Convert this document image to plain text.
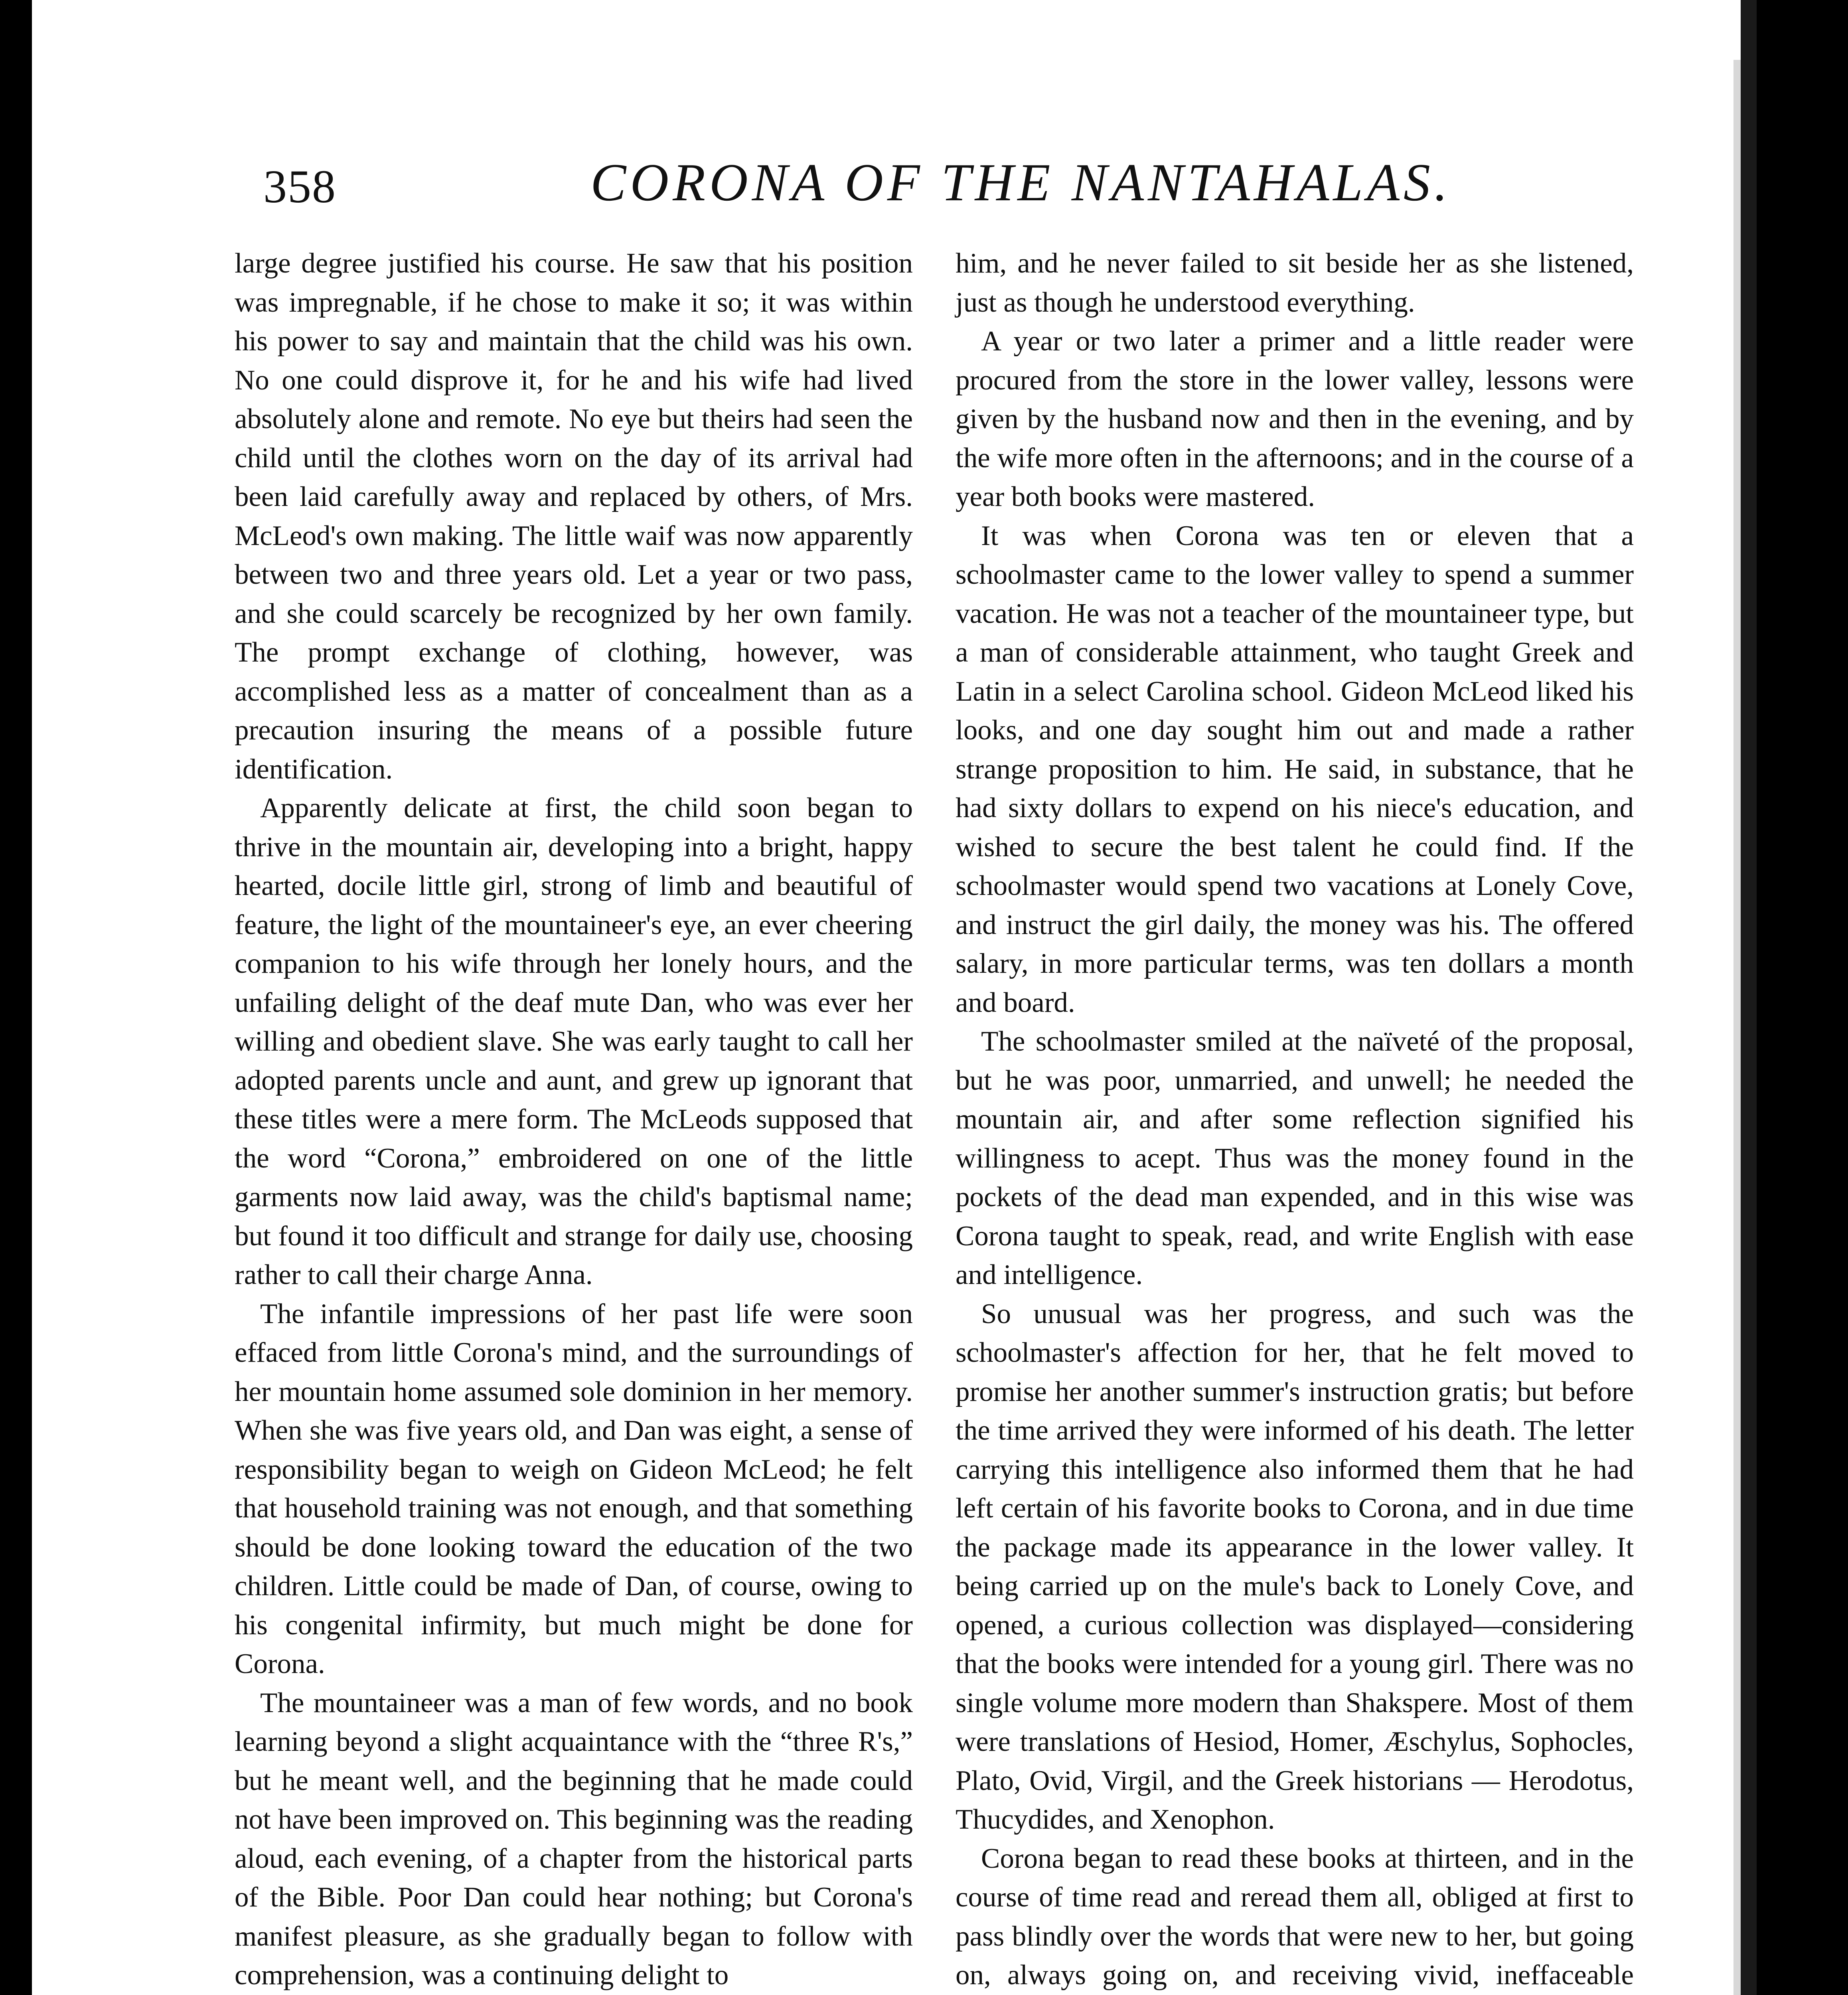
358	CORONA OF THE NANTAHALAS.

large degree justified his course. He saw that his position was impregnable, if he chose to make it so; it was within his power to say and maintain that the child was his own. No one could disprove it, for he and his wife had lived absolutely alone and remote. No eye but theirs had seen the child until the clothes worn on the day of its arrival had been laid carefully away and replaced by others, of Mrs. McLeod's own making. The little waif was now apparently between two and three years old. Let a year or two pass, and she could scarcely be recognized by her own family. The prompt exchange of clothing, however, was accomplished less as a matter of concealment than as a precaution insuring the means of a possible future identification.

Apparently delicate at first, the child soon began to thrive in the mountain air, developing into a bright, happy hearted, docile little girl, strong of limb and beautiful of feature, the light of the mountaineer's eye, an ever cheering companion to his wife through her lonely hours, and the unfailing delight of the deaf mute Dan, who was ever her willing and obedient slave. She was early taught to call her adopted parents uncle and aunt, and grew up ignorant that these titles were a mere form. The McLeods supposed that the word “Corona,” embroidered on one of the little garments now laid away, was the child's baptismal name; but found it too difficult and strange for daily use, choosing rather to call their charge Anna.

The infantile impressions of her past life were soon effaced from little Corona's mind, and the surroundings of her mountain home assumed sole dominion in her memory. When she was five years old, and Dan was eight, a sense of responsibility began to weigh on Gideon McLeod; he felt that household training was not enough, and that something should be done looking toward the education of the two children. Little could be made of Dan, of course, owing to his congenital infirmity, but much might be done for Corona.

The mountaineer was a man of few words, and no book learning beyond a slight acquaintance with the “three R's,” but he meant well, and the beginning that he made could not have been improved on. This beginning was the reading aloud, each evening, of a chapter from the historical parts of the Bible. Poor Dan could hear nothing; but Corona's manifest pleasure, as she gradually began to follow with comprehension, was a continuing delight to

him, and he never failed to sit beside her as she listened, just as though he understood everything.

A year or two later a primer and a little reader were procured from the store in the lower valley, lessons were given by the husband now and then in the evening, and by the wife more often in the afternoons; and in the course of a year both books were mastered.

It was when Corona was ten or eleven that a schoolmaster came to the lower valley to spend a summer vacation. He was not a teacher of the mountaineer type, but a man of considerable attainment, who taught Greek and Latin in a select Carolina school. Gideon McLeod liked his looks, and one day sought him out and made a rather strange proposition to him. He said, in substance, that he had sixty dollars to expend on his niece's education, and wished to secure the best talent he could find. If the schoolmaster would spend two vacations at Lonely Cove, and instruct the girl daily, the money was his. The offered salary, in more particular terms, was ten dollars a month and board.

The schoolmaster smiled at the naïveté of the proposal, but he was poor, unmarried, and unwell; he needed the mountain air, and after some reflection signified his willingness to acept. Thus was the money found in the pockets of the dead man expended, and in this wise was Corona taught to speak, read, and write English with ease and intelligence.

So unusual was her progress, and such was the schoolmaster's affection for her, that he felt moved to promise her another summer's instruction gratis; but before the time arrived they were informed of his death. The letter carrying this intelligence also informed them that he had left certain of his favorite books to Corona, and in due time the package made its appearance in the lower valley. It being carried up on the mule's back to Lonely Cove, and opened, a curious collection was displayed—considering that the books were intended for a young girl. There was no single volume more modern than Shakspere. Most of them were translations of Hesiod, Homer, Æschylus, Sophocles, Plato, Ovid, Virgil, and the Greek historians — Herodotus, Thucydides, and Xenophon.

Corona began to read these books at thirteen, and in the course of time read and reread them all, obliged at first to pass blindly over the words that were new to her, but going on, always going on, and receiving vivid, ineffaceable
